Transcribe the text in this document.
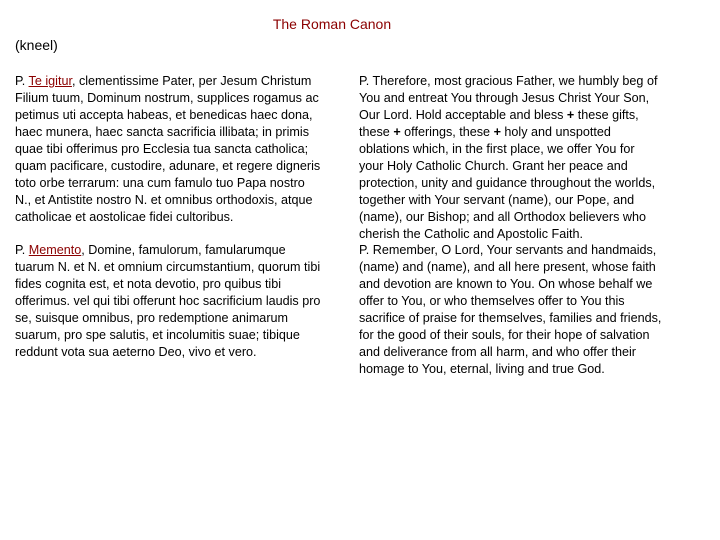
The Roman Canon
(kneel)
P. Te igitur, clementissime Pater, per Jesum Christum
Filium tuum, Dominum nostrum, supplices rogamus ac
petimus uti accepta habeas, et benedicas haec dona,
haec munera, haec sancta sacrificia illibata; in primis
quae tibi offerimus pro Ecclesia tua sancta catholica;
quam pacificare, custodire, adunare, et regere digneris
toto orbe terrarum: una cum famulo tuo Papa nostro
N., et Antistite nostro N. et omnibus orthodoxis, atque
catholicae et aostolicae fidei cultoribus.
P. Therefore, most gracious Father, we humbly beg of
You and entreat You through Jesus Christ Your Son,
Our Lord. Hold acceptable and bless + these gifts,
these + offerings, these + holy and unspotted
oblations which, in the first place, we offer You for
your Holy Catholic Church. Grant her peace and
protection, unity and guidance throughout the worlds,
together with Your servant (name), our Pope, and
(name), our Bishop; and all Orthodox believers who
cherish the Catholic and Apostolic Faith.
P. Memento, Domine, famulorum, famularumque
tuarum N. et N. et omnium circumstantium, quorum tibi
fides cognita est, et nota devotio, pro quibus tibi
offerimus. vel qui tibi offerunt hoc sacrificium laudis pro
se, suisque omnibus, pro redemptione animarum
suarum, pro spe salutis, et incolumitis suae; tibique
reddunt vota sua aeterno Deo, vivo et vero.
P. Remember, O Lord, Your servants and handmaids,
(name) and (name), and all here present, whose faith
and devotion are known to You. On whose behalf we
offer to You, or who themselves offer to You this
sacrifice of praise for themselves, families and friends,
for the good of their souls, for their hope of salvation
and deliverance from all harm, and who offer their
homage to You, eternal, living and true God.
